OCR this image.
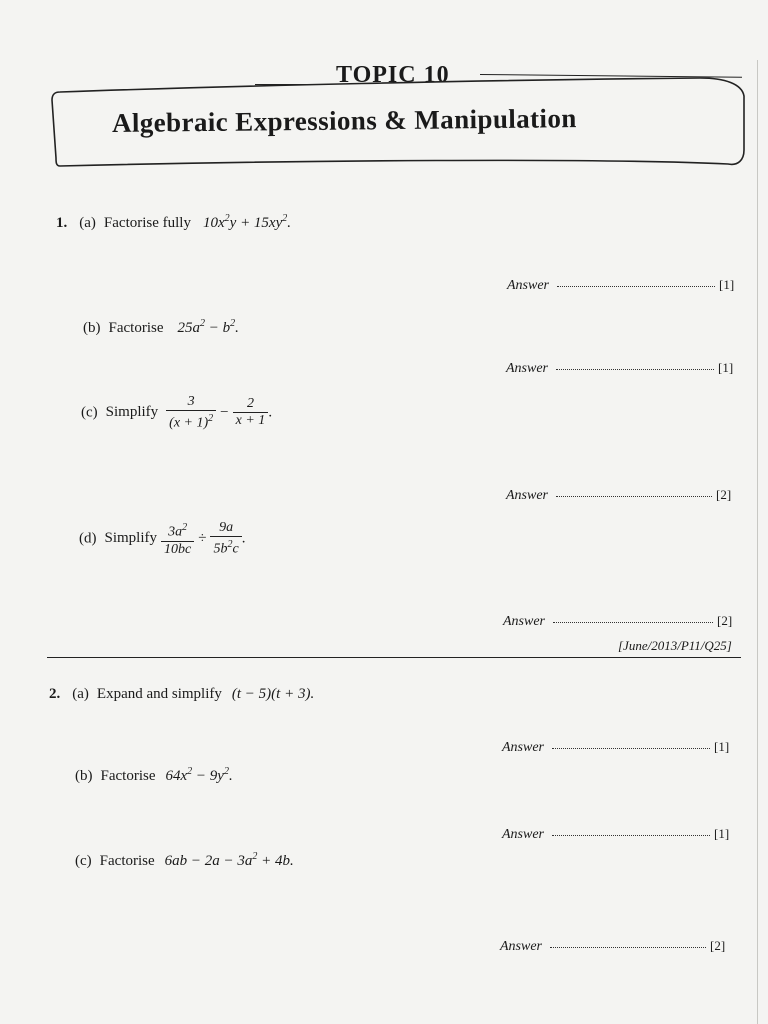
TOPIC 10
Algebraic Expressions & Manipulation
1. (a) Factorise fully $10x^2y + 15xy^2$.
Answer	[1]
(b) Factorise $25a^2 - b^2$.
Answer	[1]
(c) Simplify $\frac{3}{(x + 1)^2} - \frac{2}{x + 1}$ .
Answer	[2]
(d) Simplify $\frac{3a^2}{10bc} \div \frac{9a}{5b^2c}$ .
Answer	[2]
[June/2013/P11/Q25]
2. (a) Expand and simplify (t − 5)(t + 3).
Answer	[1]
(b) Factorise $64x^2 - 9y^2$.
Answer	[1]
(c) Factorise $6ab - 2a - 3a^2 + 4b$.
Answer	[2]
